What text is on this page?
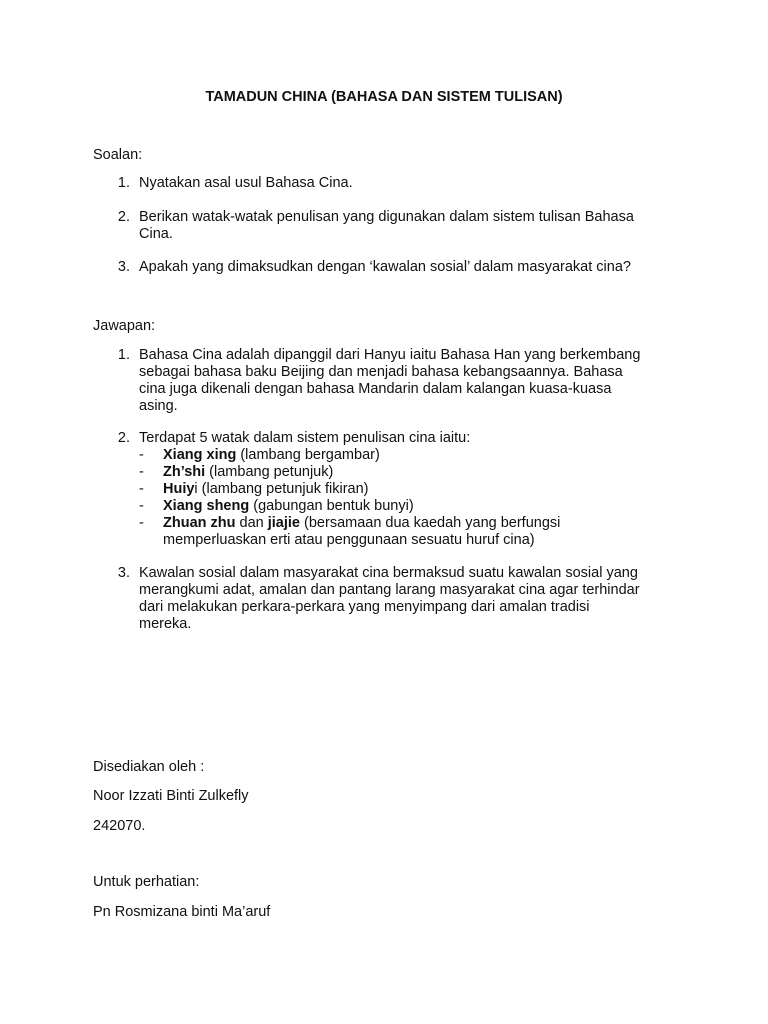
TAMADUN CHINA (BAHASA DAN SISTEM TULISAN)
Soalan:
1. Nyatakan asal usul Bahasa Cina.
2. Berikan watak-watak penulisan yang digunakan dalam sistem tulisan Bahasa
Cina.
3. Apakah yang dimaksudkan dengan ‘kawalan sosial’ dalam masyarakat cina?
Jawapan:
1. Bahasa Cina adalah dipanggil dari Hanyu iaitu Bahasa Han yang berkembang
sebagai bahasa baku Beijing dan menjadi bahasa kebangsaannya. Bahasa
cina juga dikenali dengan bahasa Mandarin dalam kalangan kuasa-kuasa
asing.
2. Terdapat 5 watak dalam sistem penulisan cina iaitu:
- Xiang xing (lambang bergambar)
- Zh’shi (lambang petunjuk)
- Huiyi (lambang petunjuk fikiran)
- Xiang sheng (gabungan bentuk bunyi)
- Zhuan zhu dan jiajie (bersamaan dua kaedah yang berfungsi
memperluaskan erti atau penggunaan sesuatu huruf cina)
3. Kawalan sosial dalam masyarakat cina bermaksud suatu kawalan sosial yang
merangkumi adat, amalan dan pantang larang masyarakat cina agar terhindar
dari melakukan perkara-perkara yang menyimpang dari amalan tradisi
mereka.
Disediakan oleh :
Noor Izzati Binti Zulkefly
242070.
Untuk perhatian:
Pn Rosmizana binti Ma’aruf
